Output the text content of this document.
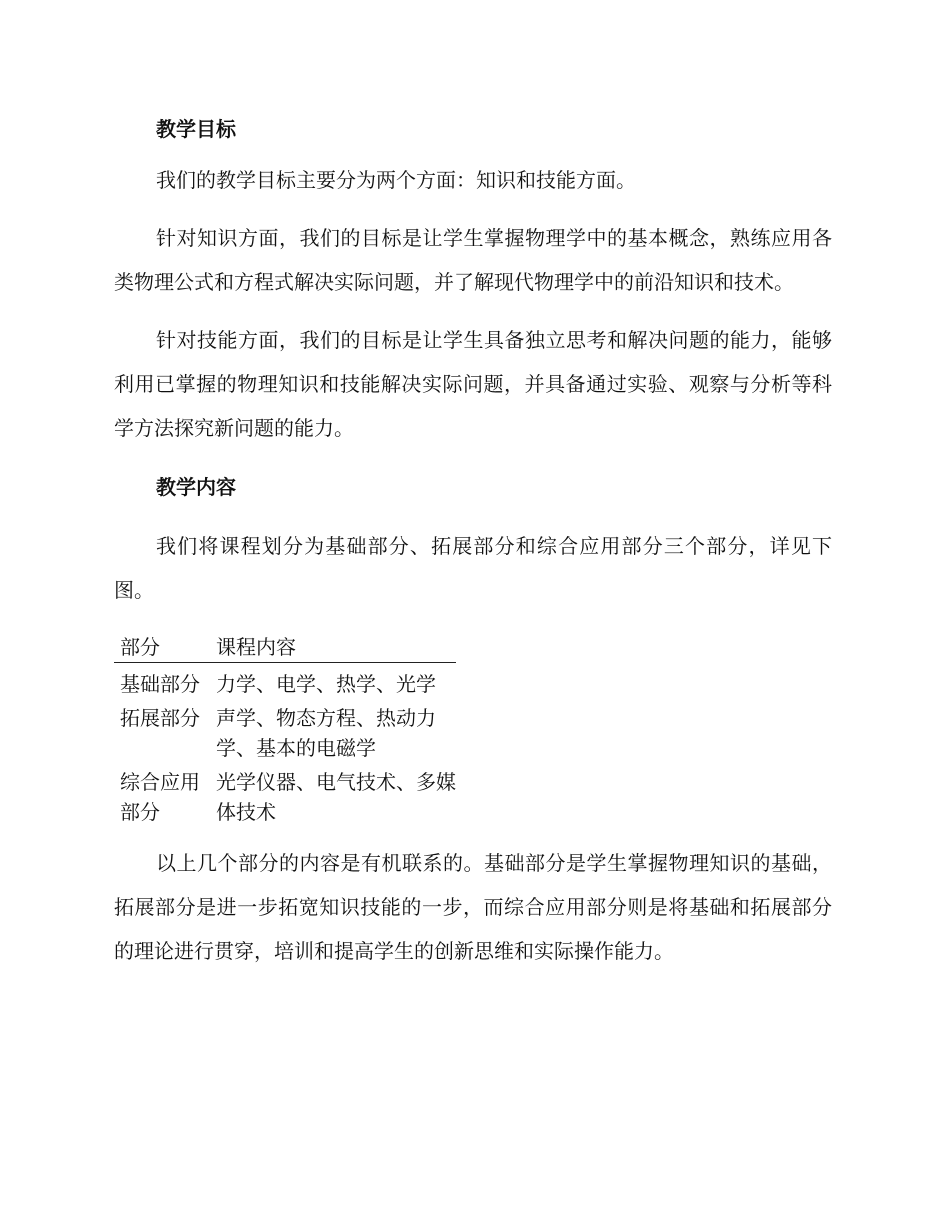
教学目标

我们的教学目标主要分为两个方面：知识和技能方面。

针对知识方面，我们的目标是让学生掌握物理学中的基本概念，熟练应用各类物理公式和方程式解决实际问题，并了解现代物理学中的前沿知识和技术。

针对技能方面，我们的目标是让学生具备独立思考和解决问题的能力，能够利用已掌握的物理知识和技能解决实际问题，并具备通过实验、观察与分析等科学方法探究新问题的能力。

教学内容

我们将课程划分为基础部分、拓展部分和综合应用部分三个部分，详见下图。

部分	课程内容
基础部分	力学、电学、热学、光学
拓展部分	声学、物态方程、热动力学、基本的电磁学
综合应用部分	光学仪器、电气技术、多媒体技术

以上几个部分的内容是有机联系的。基础部分是学生掌握物理知识的基础，拓展部分是进一步拓宽知识技能的一步，而综合应用部分则是将基础和拓展部分的理论进行贯穿，培训和提高学生的创新思维和实际操作能力。
